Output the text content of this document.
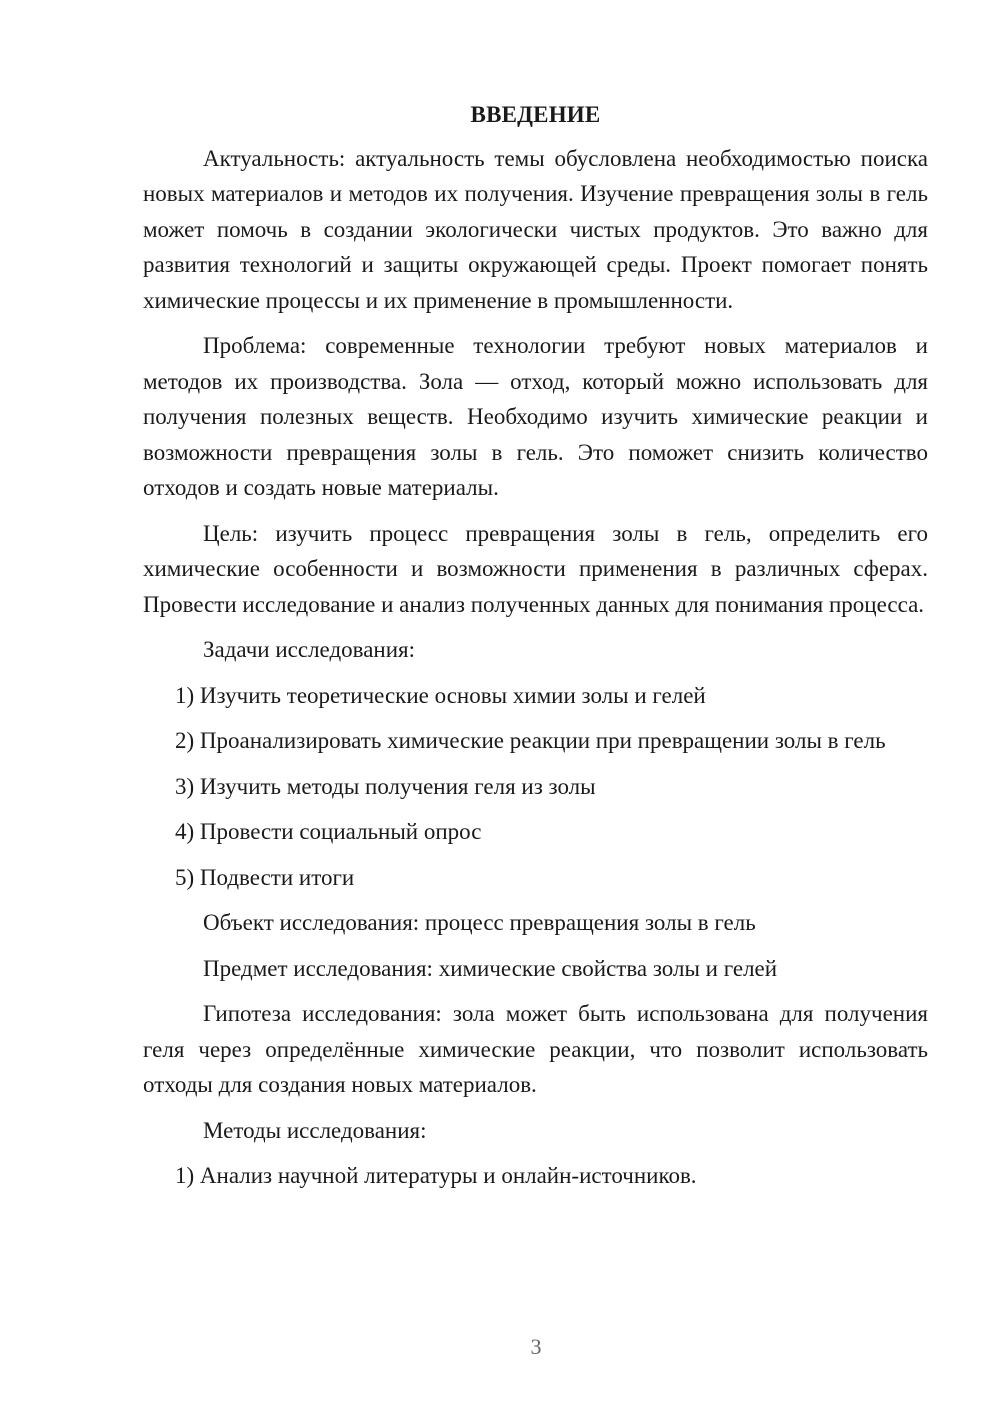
ВВЕДЕНИЕ

Актуальность: актуальность темы обусловлена необходимостью поиска новых материалов и методов их получения. Изучение превращения золы в гель может помочь в создании экологически чистых продуктов. Это важно для развития технологий и защиты окружающей среды. Проект помогает понять химические процессы и их применение в промышленности.

Проблема: современные технологии требуют новых материалов и методов их производства. Зола — отход, который можно использовать для получения полезных веществ. Необходимо изучить химические реакции и возможности превращения золы в гель. Это поможет снизить количество отходов и создать новые материалы.

Цель: изучить процесс превращения золы в гель, определить его химические особенности и возможности применения в различных сферах. Провести исследование и анализ полученных данных для понимания процесса.

Задачи исследования:

1) Изучить теоретические основы химии золы и гелей

2) Проанализировать химические реакции при превращении золы в гель

3) Изучить методы получения геля из золы

4) Провести социальный опрос

5) Подвести итоги

Объект исследования: процесс превращения золы в гель

Предмет исследования: химические свойства золы и гелей

Гипотеза исследования: зола может быть использована для получения геля через определённые химические реакции, что позволит использовать отходы для создания новых материалов.

Методы исследования:

1) Анализ научной литературы и онлайн-источников.

3
